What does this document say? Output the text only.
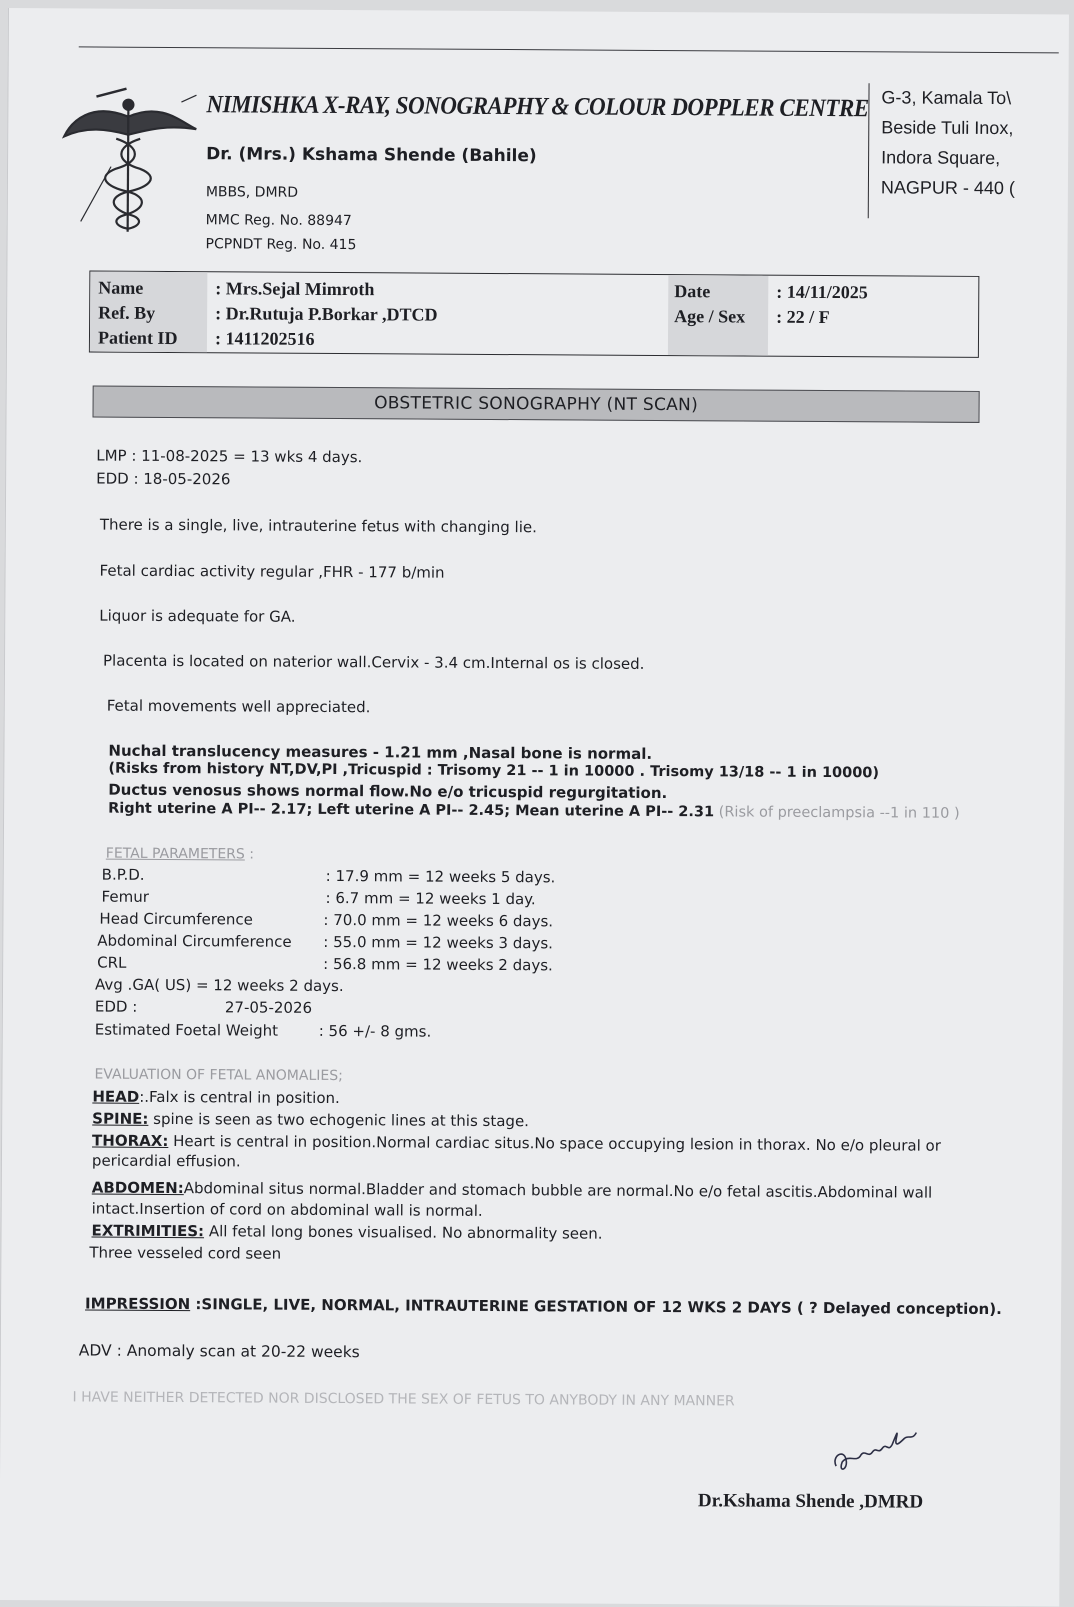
NIMISHKA X-RAY, SONOGRAPHY & COLOUR DOPPLER CENTRE
Dr. (Mrs.) Kshama Shende (Bahile)
MBBS, DMRD
MMC Reg. No. 88947
PCPNDT Reg. No. 415
G-3, Kamala To\
Beside Tuli Inox,
Indora Square,
NAGPUR - 440 (
Name	: Mrs.Sejal Mimroth
Ref. By	: Dr.Rutuja P.Borkar ,DTCD
Patient ID : 1411202516
Date	: 14/11/2025
Age / Sex : 22 / F
OBSTETRIC SONOGRAPHY (NT SCAN)
LMP : 11-08-2025 = 13 wks 4 days.
EDD : 18-05-2026
There is a single, live, intrauterine fetus with changing lie.
Fetal cardiac activity regular ,FHR - 177 b/min
Liquor is adequate for GA.
Placenta is located on naterior wall.Cervix - 3.4 cm.Internal os is closed.
Fetal movements well appreciated.
Nuchal translucency measures - 1.21 mm ,Nasal bone is normal.
(Risks from history NT,DV,PI ,Tricuspid : Trisomy 21 -- 1 in 10000 . Trisomy 13/18 -- 1 in 10000)
Ductus venosus shows normal flow.No e/o tricuspid regurgitation.
Right uterine A PI-- 2.17; Left uterine A PI-- 2.45; Mean uterine A PI-- 2.31 (Risk of preeclampsia --1 in 110 )
FETAL PARAMETERS :
B.P.D.	: 17.9 mm = 12 weeks 5 days.
Femur	: 6.7 mm = 12 weeks 1 day.
Head Circumference	: 70.0 mm = 12 weeks 6 days.
Abdominal Circumference : 55.0 mm = 12 weeks 3 days.
CRL	: 56.8 mm = 12 weeks 2 days.
Avg .GA( US) = 12 weeks 2 days.
EDD :	27-05-2026
Estimated Foetal Weight	: 56 +/- 8 gms.
EVALUATION OF FETAL ANOMALIES;
HEAD:.Falx is central in position.
SPINE: spine is seen as two echogenic lines at this stage.
THORAX: Heart is central in position.Normal cardiac situs.No space occupying lesion in thorax. No e/o pleural or
pericardial effusion.
ABDOMEN:Abdominal situs normal.Bladder and stomach bubble are normal.No e/o fetal ascitis.Abdominal wall
intact.Insertion of cord on abdominal wall is normal.
EXTRIMITIES: All fetal long bones visualised. No abnormality seen.
Three vesseled cord seen
IMPRESSION :SINGLE, LIVE, NORMAL, INTRAUTERINE GESTATION OF 12 WKS 2 DAYS ( ? Delayed conception).
ADV : Anomaly scan at 20-22 weeks
I HAVE NEITHER DETECTED NOR DISCLOSED THE SEX OF FETUS TO ANYBODY IN ANY MANNER
Dr.Kshama Shende ,DMRD
